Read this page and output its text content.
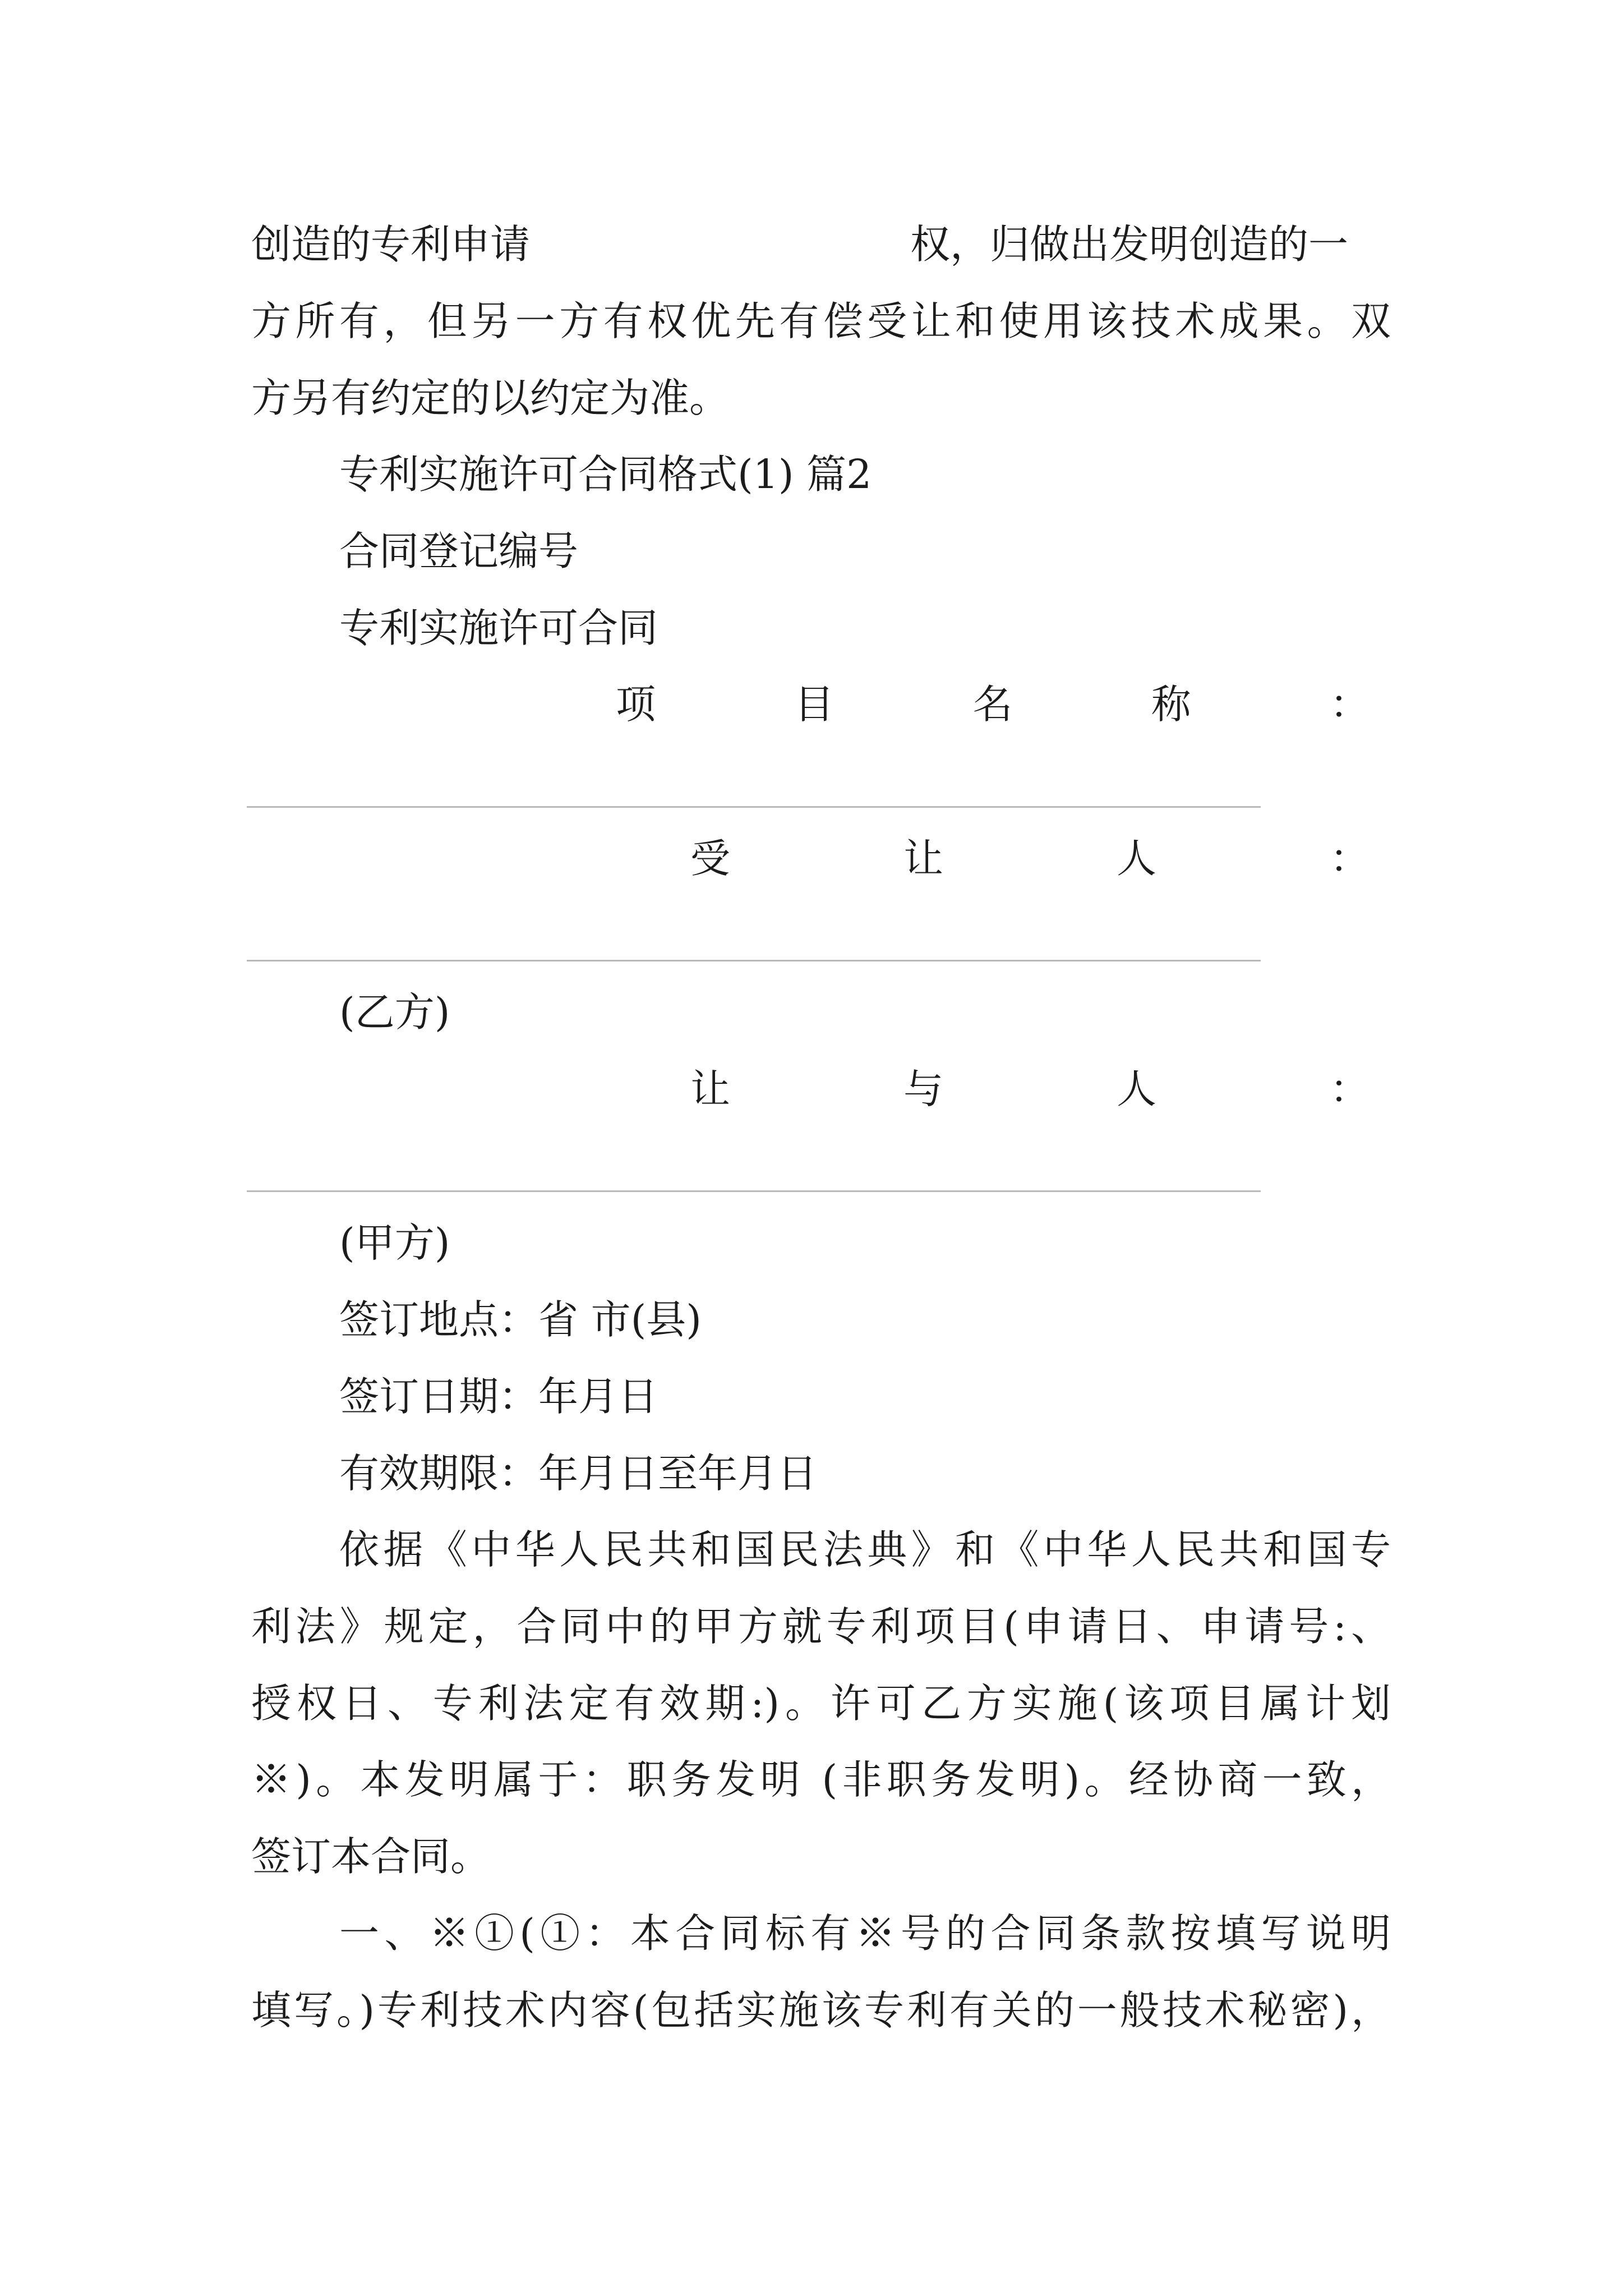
创造的专利申请	权，归做出发明创造的一

方所有，但另一方有权优先有偿受让和使用该技术成果。双

方另有约定的以约定为准。

专利实施许可合同格式(1) 篇2

合同登记编号

专利实施许可合同

项	目	名	称	：
受	让	人	：

(乙方)

让	与	人	：

(甲方)

签订地点：省 市(县)

签订日期：年月日

有效期限：年月日至年月日

依据《中华人民共和国民法典》和《中华人民共和国专

利法》规定，合同中的甲方就专利项目(申请日、申请号:、

授权日、专利法定有效期:)。许可乙方实施(该项目属计划

※)。本发明属于：职务发明 (非职务发明)。经协商一致，

签订本合同。

一、※①(①：本合同标有※号的合同条款按填写说明

填写。)专利技术内容(包括实施该专利有关的一般技术秘密)，
